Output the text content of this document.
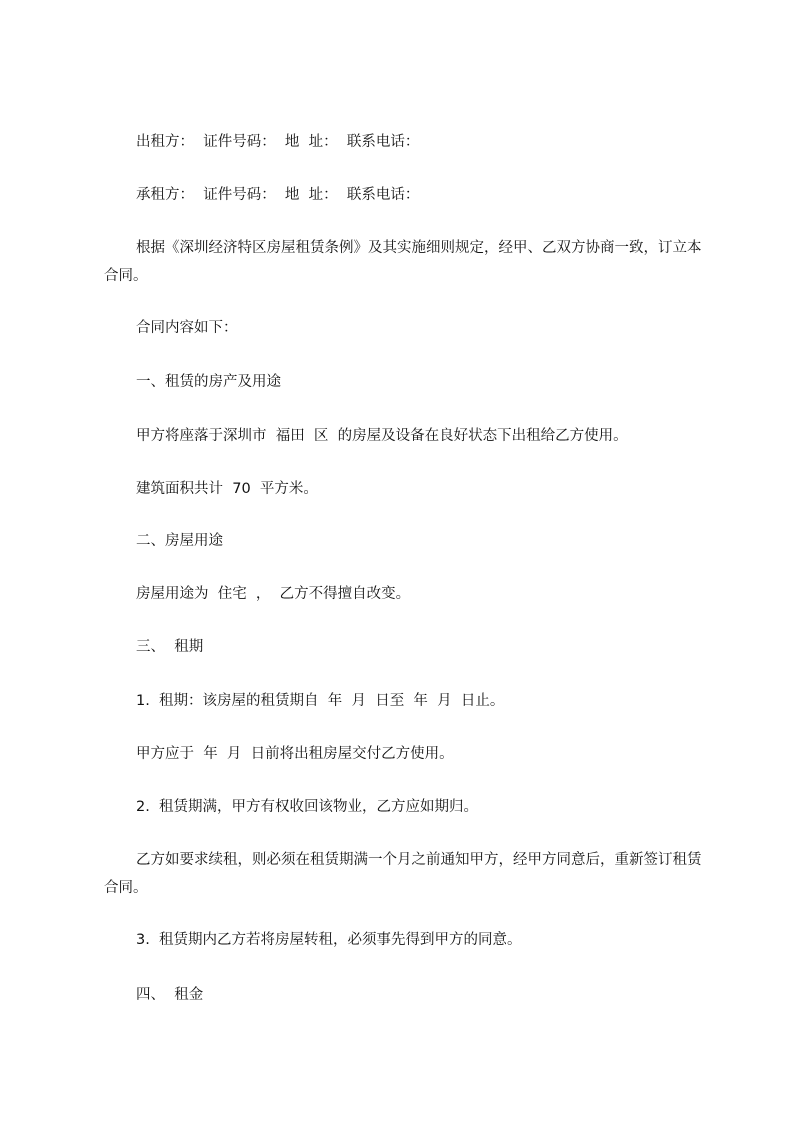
出租方：  证件号码：  地  址：  联系电话：
承租方：  证件号码：  地  址：  联系电话：
根据《深圳经济特区房屋租赁条例》及其实施细则规定，经甲、乙双方协商一致，订立本合同。
合同内容如下：
一、租赁的房产及用途
甲方将座落于深圳市  福田  区  的房屋及设备在良好状态下出租给乙方使用。
建筑面积共计  70  平方米。
二、房屋用途
房屋用途为  住宅  ，  乙方不得擅自改变。
三、  租期
1.  租期：该房屋的租赁期自  年  月  日至  年  月  日止。
甲方应于  年  月  日前将出租房屋交付乙方使用。
2.  租赁期满，甲方有权收回该物业，乙方应如期归。
乙方如要求续租，则必须在租赁期满一个月之前通知甲方，经甲方同意后，重新签订租赁合同。
3.  租赁期内乙方若将房屋转租，必须事先得到甲方的同意。
四、  租金
